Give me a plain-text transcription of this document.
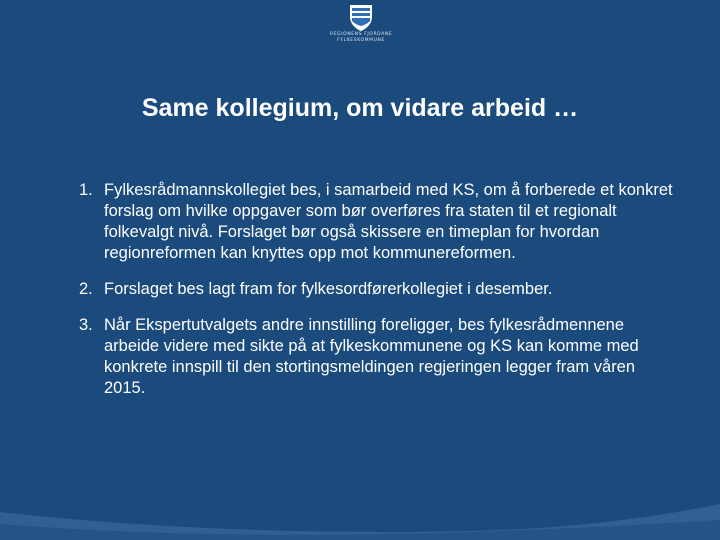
REGIONENS FJORDANE
FYLKESKOMMUNE
Same kollegium, om vidare arbeid …
1. Fylkesrådmannskollegiet bes, i samarbeid med KS, om å forberede et konkret forslag om hvilke oppgaver som bør overføres fra staten til et regionalt folkevalgt nivå. Forslaget bør også skissere en timeplan for hvordan regionreformen kan knyttes opp mot kommunereformen.
2. Forslaget bes lagt fram for fylkesordførerkollegiet i desember.
3. Når Ekspertutvalgets andre innstilling foreligger, bes fylkesrådmennene arbeide videre med sikte på at fylkeskommunene og KS kan komme med konkrete innspill til den stortingsmeldingen regjeringen legger fram våren 2015.
